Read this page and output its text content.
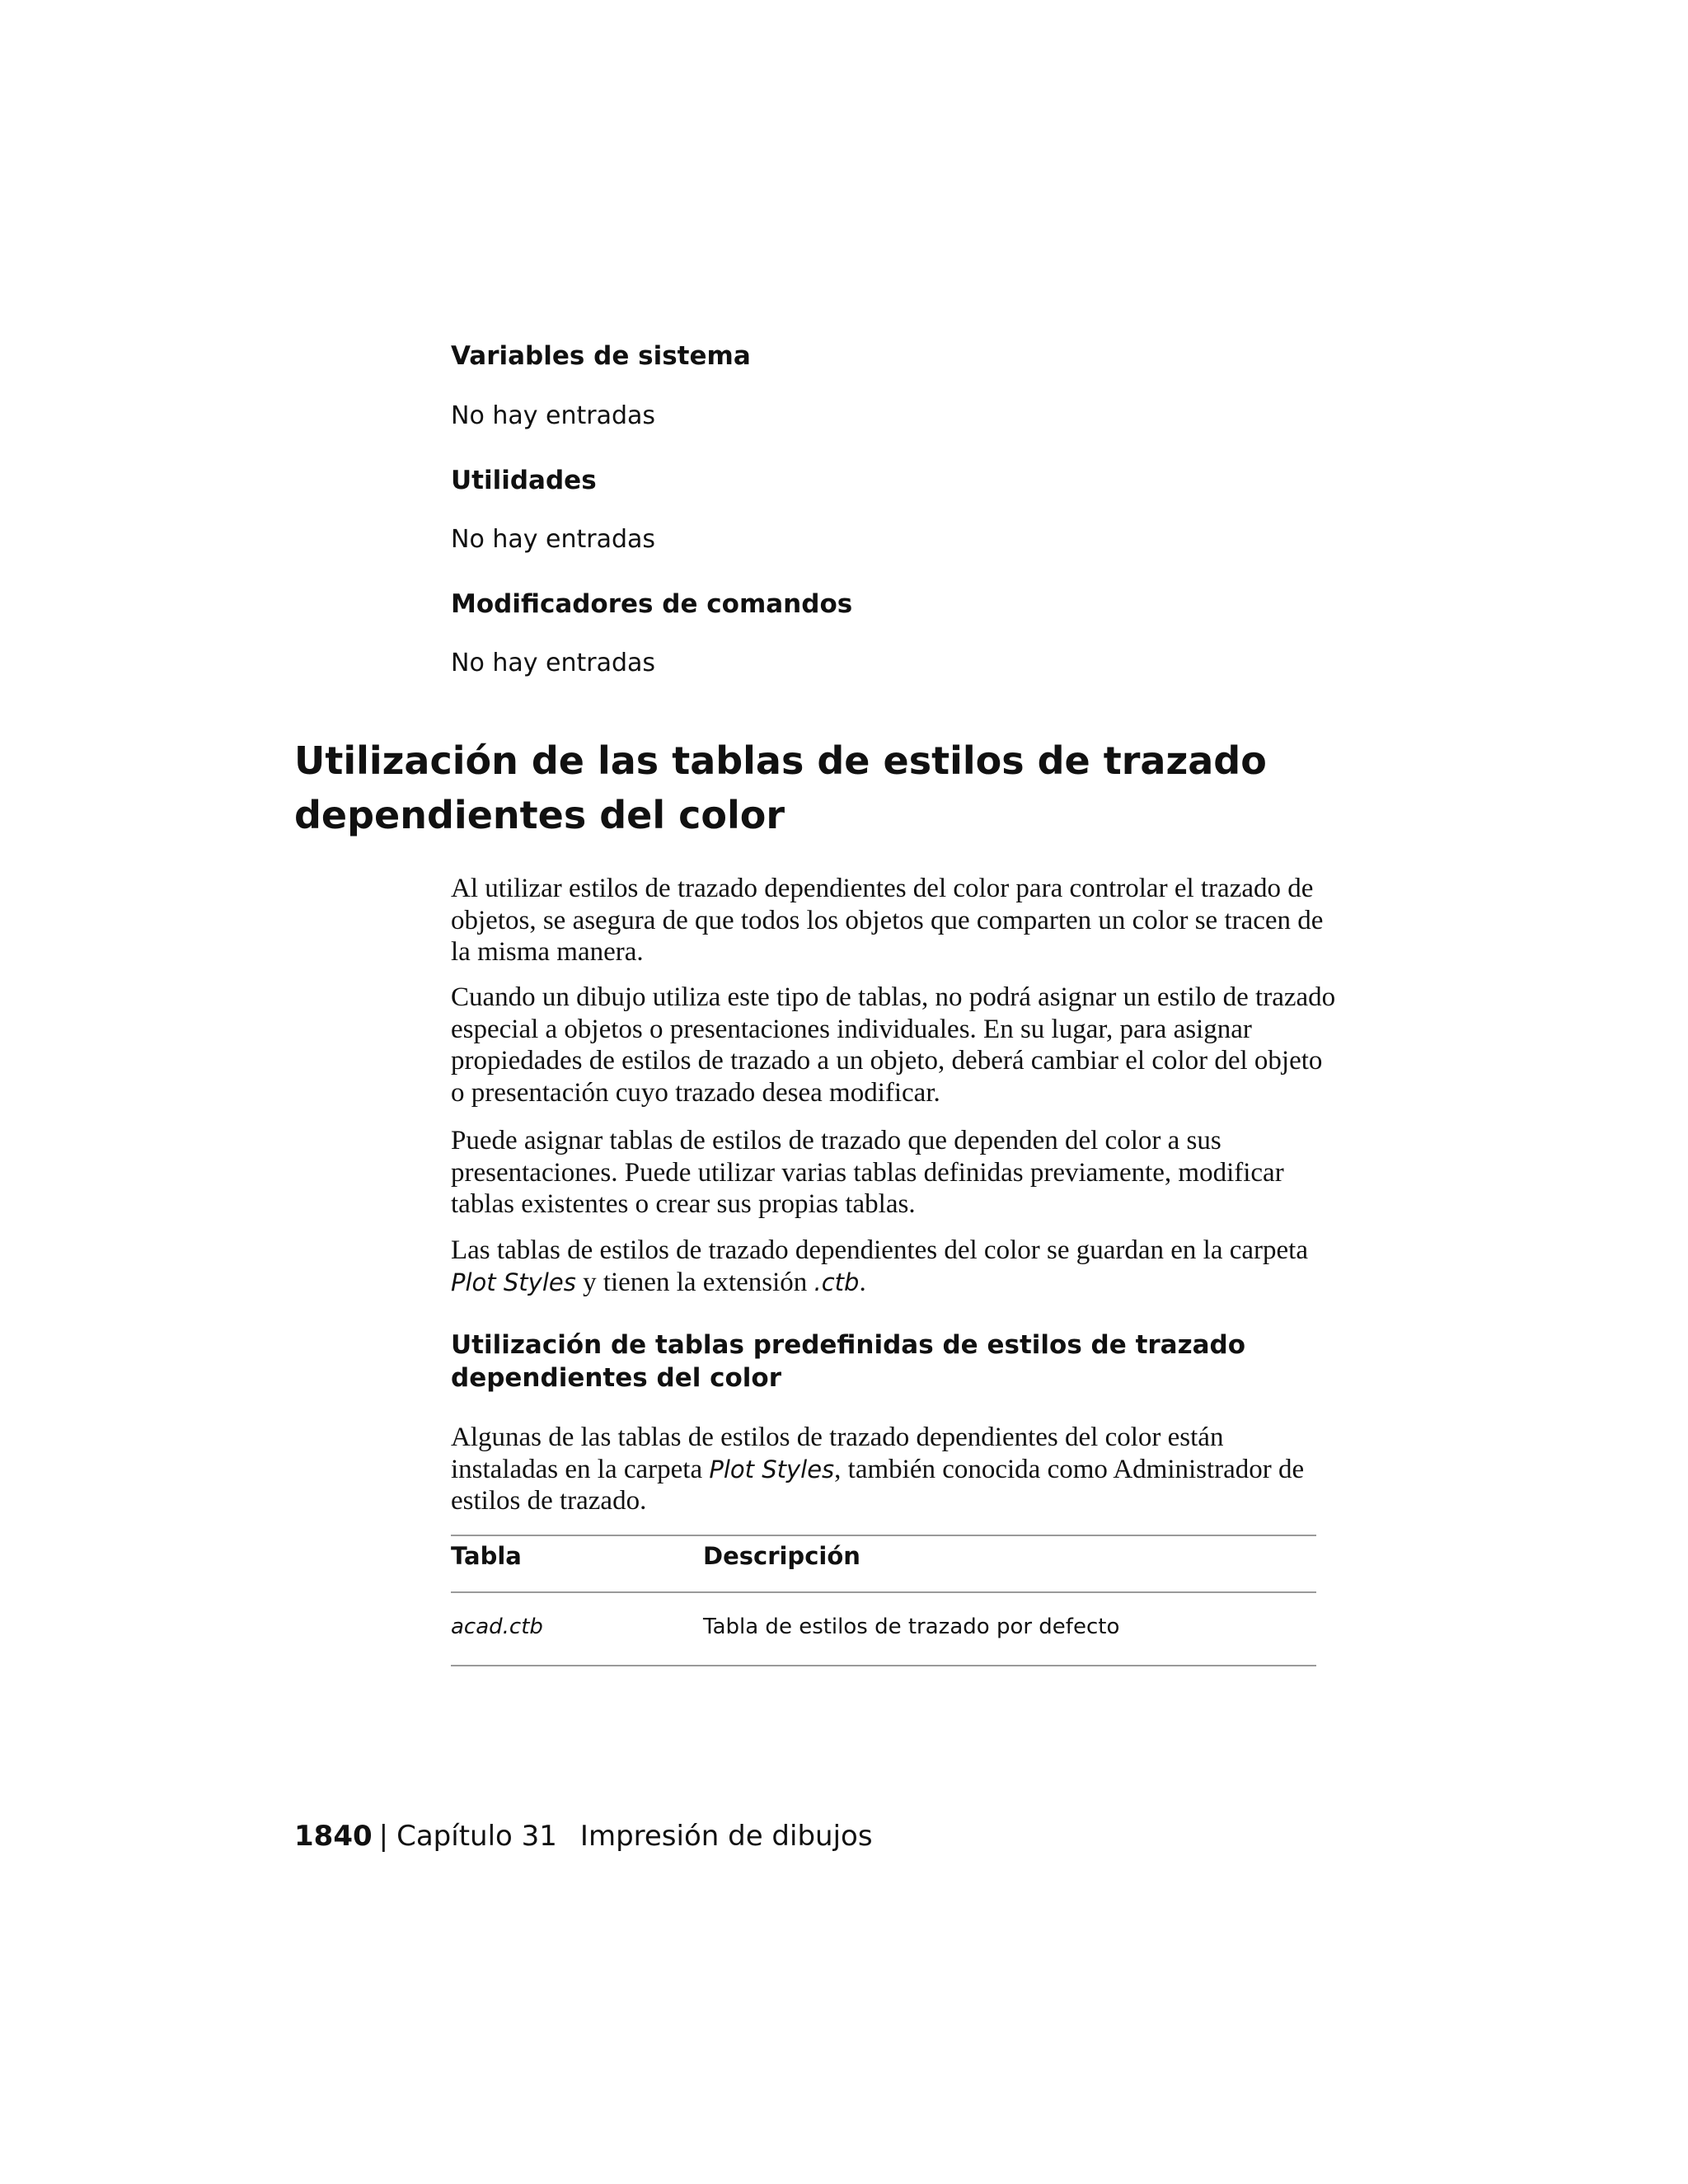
Variables de sistema

No hay entradas

Utilidades

No hay entradas

Modificadores de comandos

No hay entradas

Utilización de las tablas de estilos de trazado dependientes del color

Al utilizar estilos de trazado dependientes del color para controlar el trazado de objetos, se asegura de que todos los objetos que comparten un color se tracen de la misma manera.

Cuando un dibujo utiliza este tipo de tablas, no podrá asignar un estilo de trazado especial a objetos o presentaciones individuales. En su lugar, para asignar propiedades de estilos de trazado a un objeto, deberá cambiar el color del objeto o presentación cuyo trazado desea modificar.

Puede asignar tablas de estilos de trazado que dependen del color a sus presentaciones. Puede utilizar varias tablas definidas previamente, modificar tablas existentes o crear sus propias tablas.

Las tablas de estilos de trazado dependientes del color se guardan en la carpeta Plot Styles y tienen la extensión .ctb.

Utilización de tablas predefinidas de estilos de trazado dependientes del color

Algunas de las tablas de estilos de trazado dependientes del color están instaladas en la carpeta Plot Styles, también conocida como Administrador de estilos de trazado.

Tabla	Descripción
acad.ctb	Tabla de estilos de trazado por defecto
1840 | Capítulo 31 Impresión de dibujos
